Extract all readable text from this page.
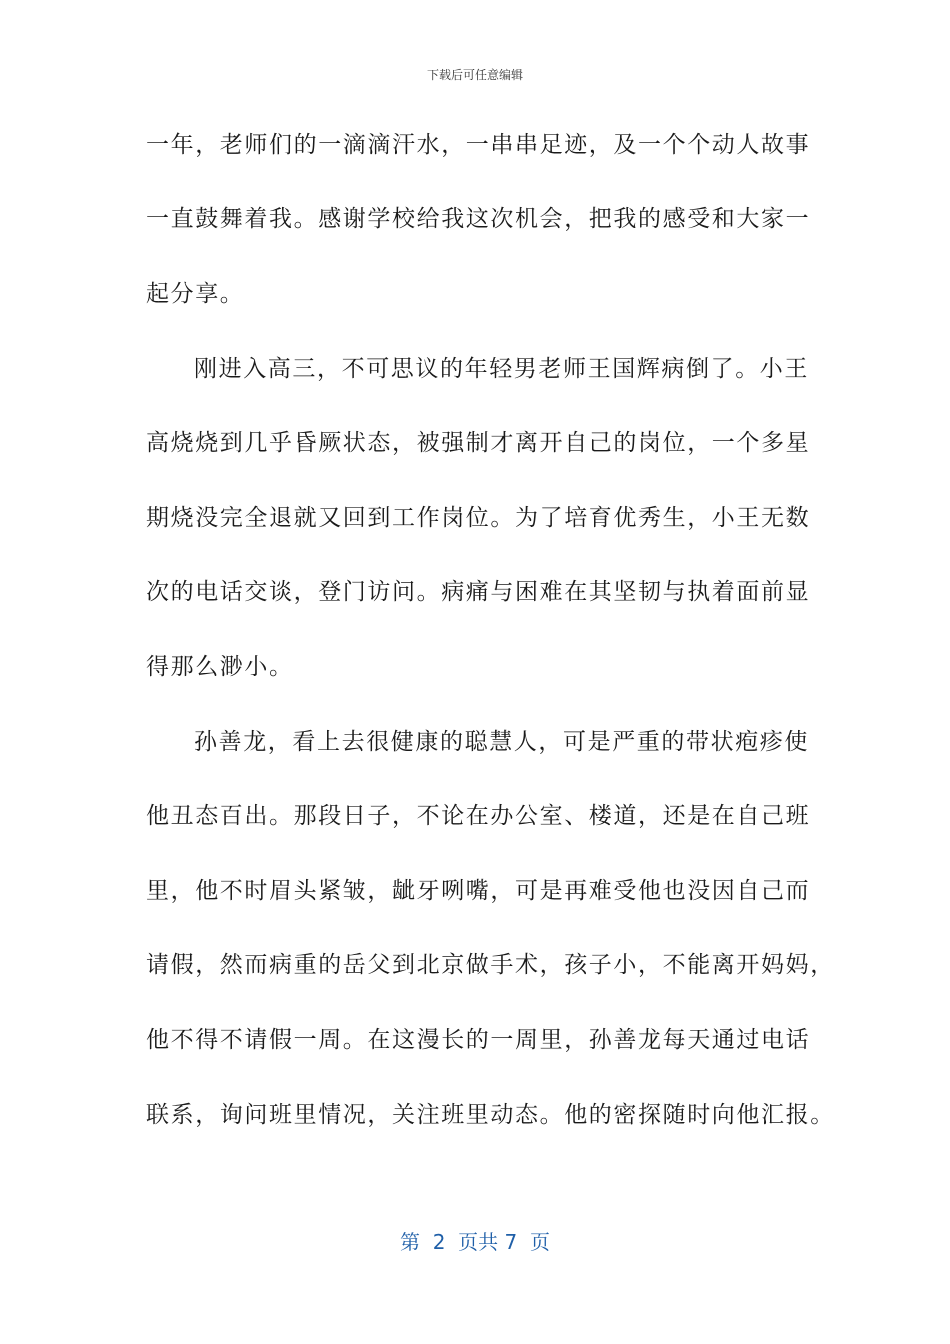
下载后可任意编辑
一年，老师们的一滴滴汗水，一串串足迹，及一个个动人故事
一直鼓舞着我。感谢学校给我这次机会，把我的感受和大家一
起分享。
刚进入高三，不可思议的年轻男老师王国辉病倒了。小王
高烧烧到几乎昏厥状态，被强制才离开自己的岗位，一个多星
期烧没完全退就又回到工作岗位。为了培育优秀生，小王无数
次的电话交谈，登门访问。病痛与困难在其坚韧与执着面前显
得那么渺小。
孙善龙，看上去很健康的聪慧人，可是严重的带状疱疹使
他丑态百出。那段日子，不论在办公室、楼道，还是在自己班
里，他不时眉头紧皱，龇牙咧嘴，可是再难受他也没因自己而
请假，然而病重的岳父到北京做手术，孩子小，不能离开妈妈，
他不得不请假一周。在这漫长的一周里，孙善龙每天通过电话
联系，询问班里情况，关注班里动态。他的密探随时向他汇报。
第  2  页共 7  页
